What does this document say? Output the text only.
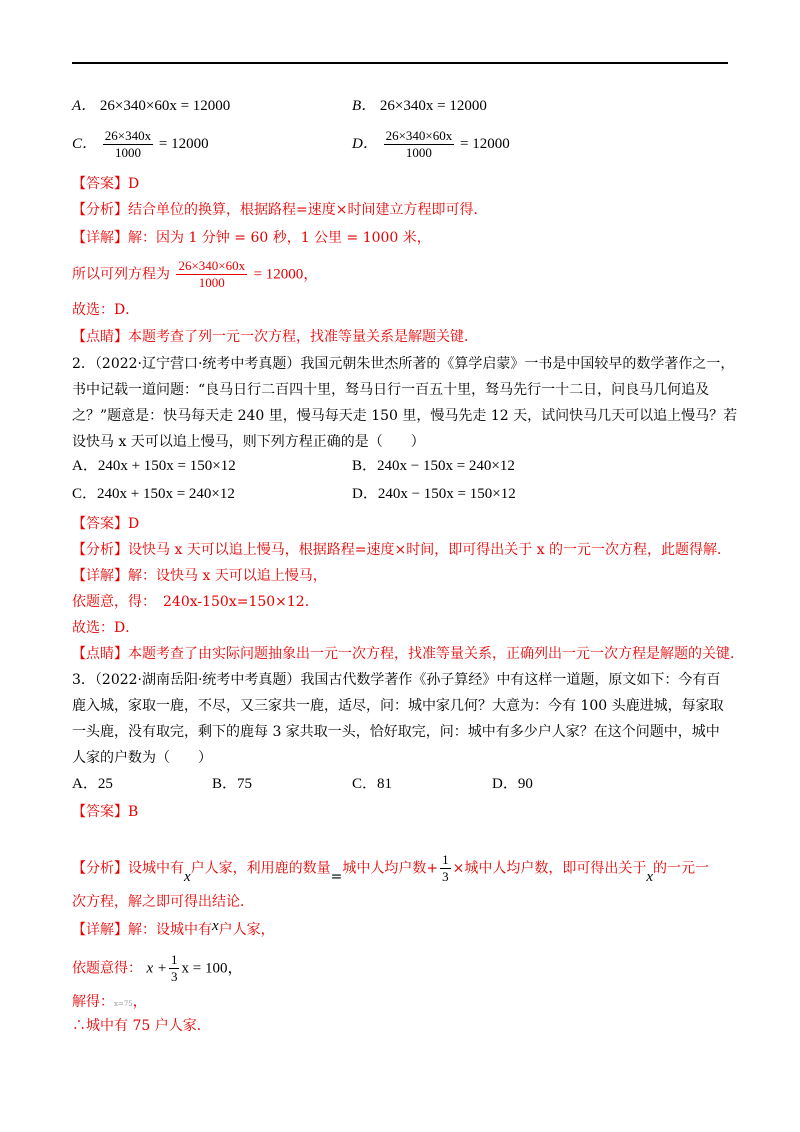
A． 26×340×60x = 12000	B． 26×340x = 12000
C． $\frac{26\times 340x}{1000} = 12000$	D． $\frac{26\times 340\times 60x}{1000} = 12000$
【答案】D
【分析】结合单位的换算，根据路程=速度×时间建立方程即可得．
【详解】解：因为 1 分钟 = 60 秒，1 公里 = 1000 米，
所以可列方程为 $\frac{26\times 340\times 60x}{1000} = 12000$，
故选：D．
【点睛】本题考查了列一元一次方程，找准等量关系是解题关键．
2．（2022·辽宁营口·统考中考真题）我国元朝朱世杰所著的《算学启蒙》一书是中国较早的数学著作之一，
书中记载一道问题：“良马日行二百四十里，驽马日行一百五十里，驽马先行一十二日，问良马几何追及
之？”题意是：快马每天走 240 里，慢马每天走 150 里，慢马先走 12 天，试问快马几天可以追上慢马？若
设快马 x 天可以追上慢马，则下列方程正确的是（　　）
A．240x + 150x = 150×12	B．240x − 150x = 240×12
C．240x + 150x = 240×12	D．240x − 150x = 150×12
【答案】D
【分析】设快马 x 天可以追上慢马，根据路程=速度×时间，即可得出关于 x 的一元一次方程，此题得解．
【详解】解：设快马 x 天可以追上慢马，
依题意，得：　240x-150x=150×12．
故选：D．
【点睛】本题考查了由实际问题抽象出一元一次方程，找准等量关系，正确列出一元一次方程是解题的关键．
3．（2022·湖南岳阳·统考中考真题）我国古代数学著作《孙子算经》中有这样一道题，原文如下：今有百
鹿入城，家取一鹿，不尽，又三家共一鹿，适尽，问：城中家几何？大意为：今有 100 头鹿进城，每家取
一头鹿，没有取完，剩下的鹿每 3 家共取一头，恰好取完，问：城中有多少户人家？在这个问题中，城中
人家的户数为（　　）
A．25	B．75	C．81	D．90
【答案】B
【分析】设城中有x户人家，利用鹿的数量=城中人均户数+ $\frac{1}{3}$ ×城中人均户数，即可得出关于x的一元一
次方程，解之即可得出结论．
【详解】解：设城中有x户人家，
依题意得： $x + \frac{1}{3}$ x = 100，
解得：x=75，
∴城中有 75 户人家．
